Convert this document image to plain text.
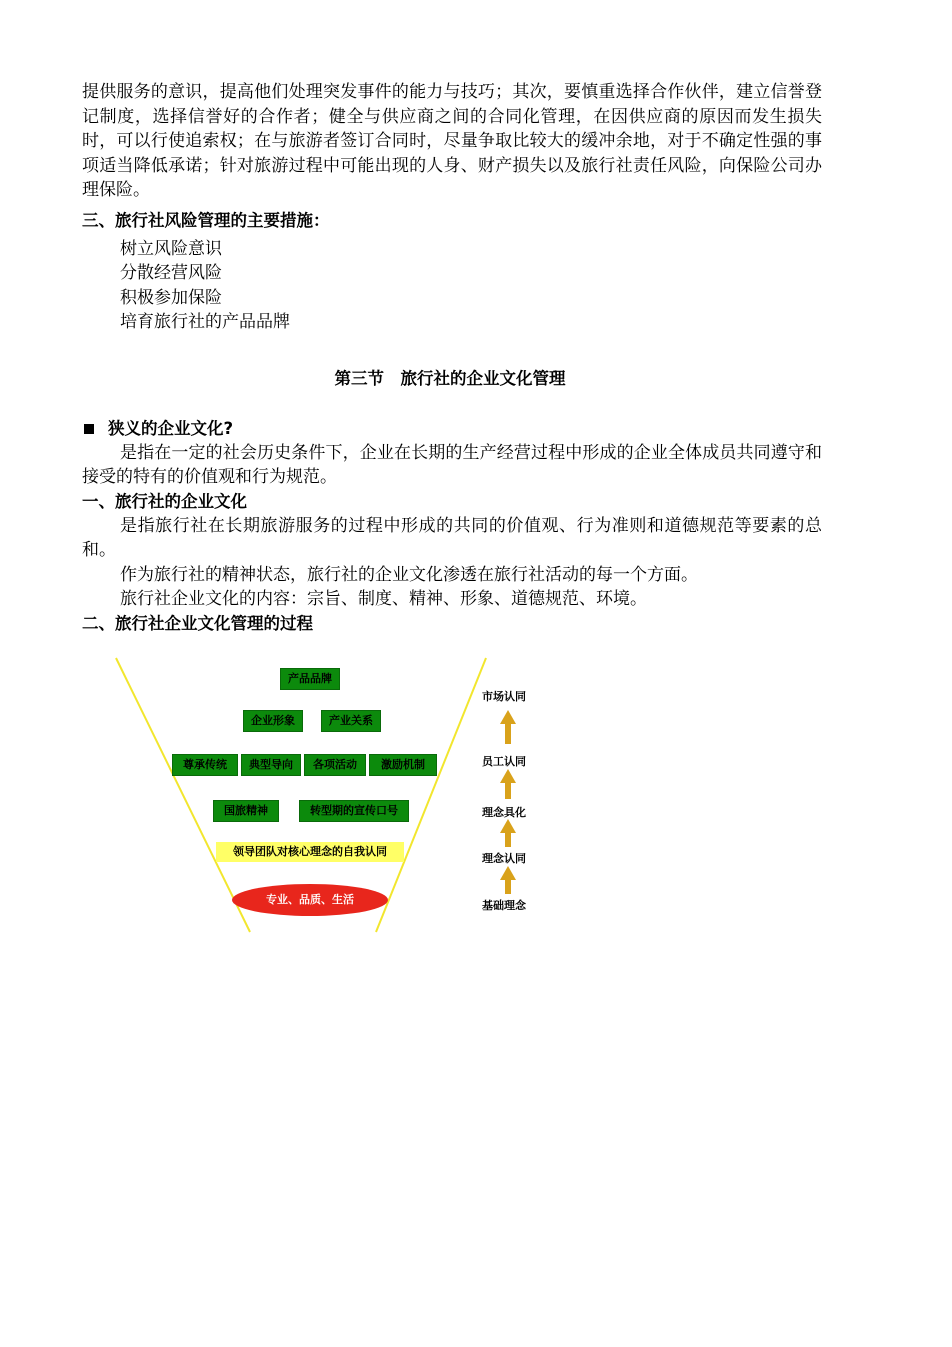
提供服务的意识，提高他们处理突发事件的能力与技巧；其次，要慎重选择合作伙伴，建立信誉登记制度，选择信誉好的合作者；健全与供应商之间的合同化管理，在因供应商的原因而发生损失时，可以行使追索权；在与旅游者签订合同时，尽量争取比较大的缓冲余地，对于不确定性强的事项适当降低承诺；针对旅游过程中可能出现的人身、财产损失以及旅行社责任风险，向保险公司办理保险。

三、旅行社风险管理的主要措施：

树立风险意识
分散经营风险
积极参加保险
培育旅行社的产品品牌

第三节　旅行社的企业文化管理

狭义的企业文化?

是指在一定的社会历史条件下，企业在长期的生产经营过程中形成的企业全体成员共同遵守和接受的特有的价值观和行为规范。

一、旅行社的企业文化

是指旅行社在长期旅游服务的过程中形成的共同的价值观、行为准则和道德规范等要素的总和。

作为旅行社的精神状态，旅行社的企业文化渗透在旅行社活动的每一个方面。

旅行社企业文化的内容：宗旨、制度、精神、形象、道德规范、环境。

二、旅行社企业文化管理的过程

产品品牌
企业形象	产业关系
尊承传统	典型导向	各项活动	激励机制
国旅精神	转型期的宣传口号
领导团队对核心理念的自我认同
专业、品质、生活
市场认同
员工认同
理念具化
理念认同
基础理念
